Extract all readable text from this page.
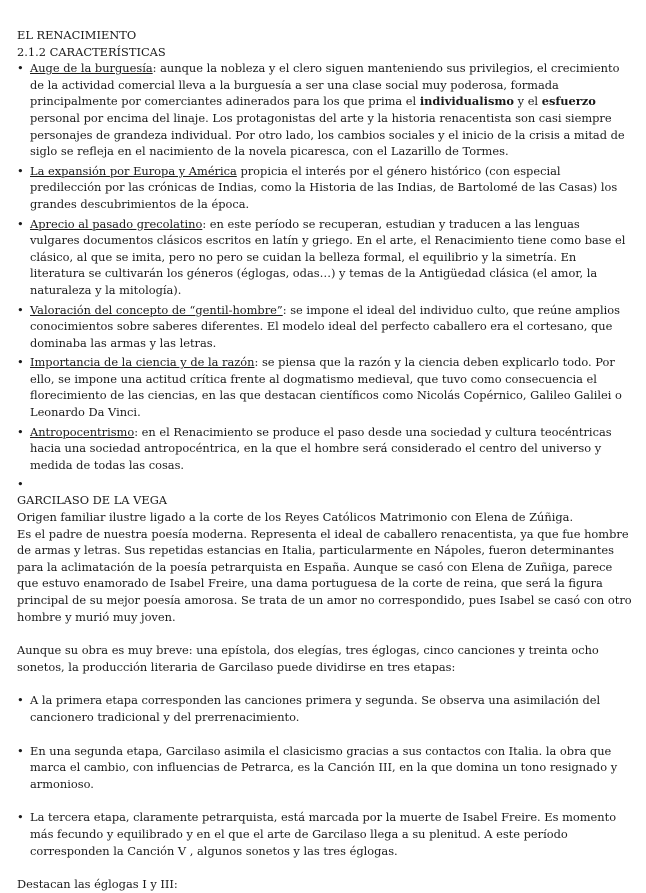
EL RENACIMIENTO

2.1.2 CARACTERÍSTICAS

• Auge de la burguesía: aunque la nobleza y el clero siguen manteniendo sus privilegios, el crecimiento de la actividad comercial lleva a la burguesía a ser una clase social muy poderosa, formada principalmente por comerciantes adinerados para los que prima el individualismo y el esfuerzo personal por encima del linaje. Los protagonistas del arte y la historia renacentista son casi siempre personajes de grandeza individual. Por otro lado, los cambios sociales y el inicio de la crisis a mitad de siglo se refleja en el nacimiento de la novela picaresca, con el Lazarillo de Tormes.
• La expansión por Europa y América propicia el interés por el género histórico (con especial predilección por las crónicas de Indias, como la Historia de las Indias, de Bartolomé de las Casas) los grandes descubrimientos de la época.
• Aprecio al pasado grecolatino: en este período se recuperan, estudian y traducen a las lenguas vulgares documentos clásicos escritos en latín y griego. En el arte, el Renacimiento tiene como base el clásico, al que se imita, pero no pero se cuidan la belleza formal, el equilibrio y la simetría. En literatura se cultivarán los géneros (églogas, odas…) y temas de la Antigüedad clásica (el amor, la naturaleza y la mitología).
• Valoración del concepto de “gentil-hombre”: se impone el ideal del individuo culto, que reúne amplios conocimientos sobre saberes diferentes. El modelo ideal del perfecto caballero era el cortesano, que dominaba las armas y las letras.
• Importancia de la ciencia y de la razón: se piensa que la razón y la ciencia deben explicarlo todo. Por ello, se impone una actitud crítica frente al dogmatismo medieval, que tuvo como consecuencia el florecimiento de las ciencias, en las que destacan científicos como Nicolás Copérnico, Galileo Galilei o Leonardo Da Vinci.
• Antropocentrismo: en el Renacimiento se produce el paso desde una sociedad y cultura teocéntricas hacia una sociedad antropocéntrica, en la que el hombre será considerado el centro del universo y medida de todas las cosas.
•

GARCILASO DE LA VEGA

Origen familiar ilustre ligado a la corte de los Reyes Católicos Matrimonio con Elena de Zúñiga.

Es el padre de nuestra poesía moderna. Representa el ideal de caballero renacentista, ya que fue hombre de armas y letras. Sus repetidas estancias en Italia, particularmente en Nápoles, fueron determinantes para la aclimatación de la poesía petrarquista en España. Aunque se casó con Elena de Zuñiga, parece que estuvo enamorado de Isabel Freire, una dama portuguesa de la corte de reina, que será la figura principal de su mejor poesía amorosa. Se trata de un amor no correspondido, pues Isabel se casó con otro hombre y murió muy joven.

Aunque su obra es muy breve: una epístola, dos elegías, tres églogas, cinco canciones y treinta ocho sonetos, la producción literaria de Garcilaso puede dividirse en tres etapas:

• A la primera etapa corresponden las canciones primera y segunda. Se observa una asimilación del cancionero tradicional y del prerrenacimiento.

• En una segunda etapa, Garcilaso asimila el clasicismo gracias a sus contactos con Italia. la obra que marca el cambio, con influencias de Petrarca, es la Canción III, en la que domina un tono resignado y armonioso.

• La tercera etapa, claramente petrarquista, está marcada por la muerte de Isabel Freire. Es momento más fecundo y equilibrado y en el que el arte de Garcilaso llega a su plenitud. A este período corresponden la Canción V , algunos sonetos y las tres églogas.

Destacan las églogas I y III:
